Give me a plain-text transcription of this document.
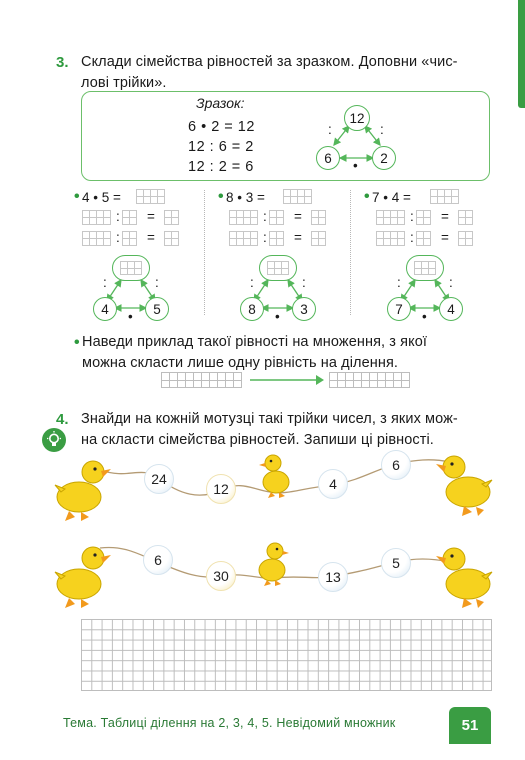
3. Склади сімейства рівностей за зразком. Доповни «чис-
лові трійки».
Зразок:
6 • 2 = 12
12 : 6 = 2
12 : 2 = 6
12
6	2
:	:
•
• 4 • 5 =
: =
: =
• 8 • 3 =
: =
: =
• 7 • 4 =
: =
: =
4	5
:	:
•	8	3
:	:
•	7	4
:	:
•
• Наведи приклад такої рівності на множення, з якої
можна скласти лише одну рівність на ділення.
4. Знайди на кожній мотузці такі трійки чисел, з яких мож-
на скласти сімейства рівностей. Запиши ці рівності.
24
12	4
6
6
30	13
5
Тема. Таблиці ділення на 2, 3, 4, 5. Невідомий множник	51
